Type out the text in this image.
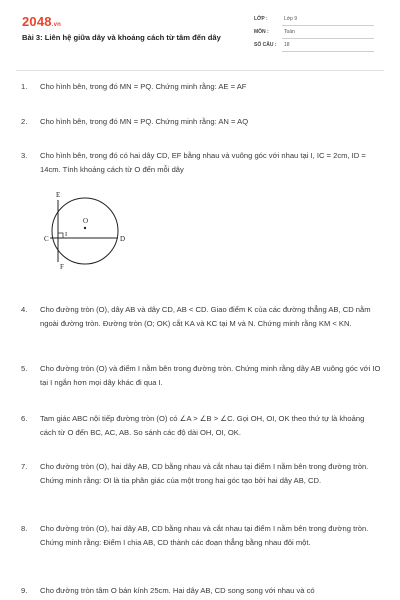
2048.vn
Bài 3: Liên hệ giữa dây và khoảng cách từ tâm đến dây
LỚP :	Lớp 9
MÔN :	Toán
SỐ CÂU : 18
1. Cho hình bên, trong đó MN = PQ. Chứng minh rằng: AE = AF
2. Cho hình bên, trong đó MN = PQ. Chứng minh rằng: AN = AQ
3. Cho hình bên, trong đó có hai dây CD, EF bằng nhau và vuông góc với nhau tại I, IC = 2cm, ID = 14cm. Tính khoảng cách từ O đến mỗi dây
E
O
C
I
D
F
4. Cho đường tròn (O), dây AB và dây CD, AB < CD. Giao điểm K của các đường thẳng AB, CD nằm ngoài đường tròn. Đường tròn (O; OK) cắt KA và KC tại M và N. Chứng minh rằng KM < KN.
5. Cho đường tròn (O) và điểm I nằm bên trong đường tròn. Chứng minh rằng dây AB vuông góc với IO tại I ngắn hơn mọi dây khác đi qua I.
6. Tam giác ABC nội tiếp đường tròn (O) có ∠A > ∠B > ∠C. Gọi OH, OI, OK theo thứ tự là khoảng cách từ O đến BC, AC, AB. So sánh các độ dài OH, OI, OK.
7. Cho đường tròn (O), hai dây AB, CD bằng nhau và cắt nhau tại điểm I nằm bên trong đường tròn. Chứng minh rằng: OI là tia phân giác của một trong hai góc tạo bởi hai dây AB, CD.
8. Cho đường tròn (O), hai dây AB, CD bằng nhau và cắt nhau tại điểm I nằm bên trong đường tròn. Chứng minh rằng: Điểm I chia AB, CD thành các đoạn thẳng bằng nhau đôi một.
9. Cho đường tròn tâm O bán kính 25cm. Hai dây AB, CD song song với nhau và có
